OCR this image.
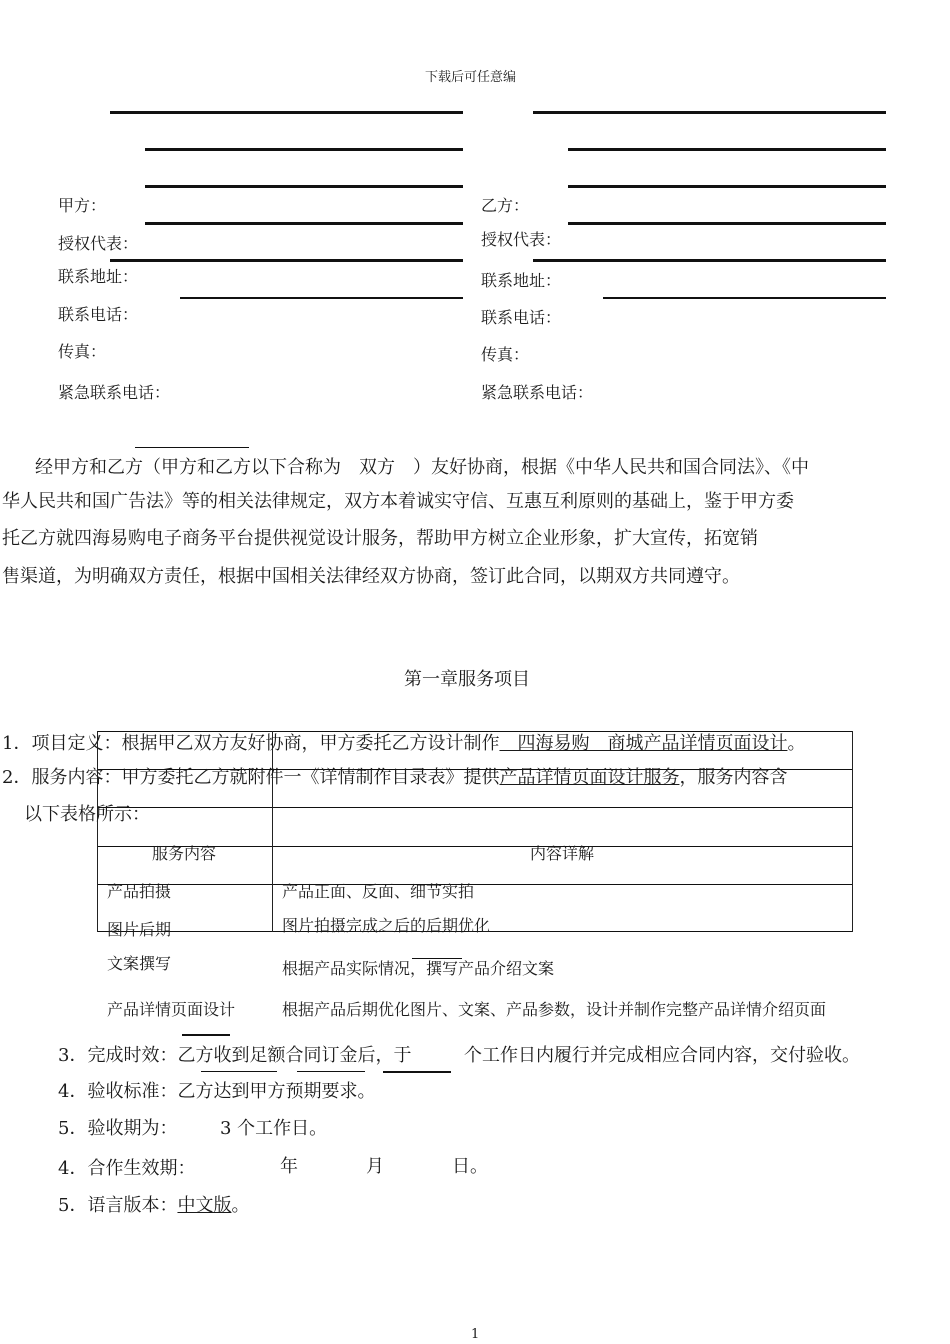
下载后可任意编
甲方：
授权代表：
联系地址：
联系电话：
传真：
紧急联系电话：
乙方：
授权代表：
联系地址：
联系电话：
传真：
紧急联系电话：
经甲方和乙方（甲方和乙方以下合称为　双方　）友好协商，根据《中华人民共和国合同法》、《中
华人民共和国广告法》等的相关法律规定，双方本着诚实守信、互惠互利原则的基础上，鉴于甲方委
托乙方就四海易购电子商务平台提供视觉设计服务，帮助甲方树立企业形象，扩大宣传，拓宽销
售渠道，为明确双方责任，根据中国相关法律经双方协商，签订此合同，以期双方共同遵守。
第一章服务项目
1．项目定义：根据甲乙双方友好协商，甲方委托乙方设计制作　四海易购　商城产品详情页面设计。
2．服务内容：甲方委托乙方就附件一《详情制作目录表》提供产品详情页面设计服务，服务内容含
以下表格所示：
服务内容	内容详解
产品拍摄	产品正面、反面、细节实拍
图片后期	图片拍摄完成之后的后期优化
文案撰写	根据产品实际情况，撰写产品介绍文案
产品详情页面设计	根据产品后期优化图片、文案、产品参数，设计并制作完整产品详情介绍页面
3．完成时效：乙方收到足额合同订金后，于	个工作日内履行并完成相应合同内容，交付验收。
4．验收标准：乙方达到甲方预期要求。
5．验收期为： 3 个工作日。
4．合作生效期：	年	月	日。
5．语言版本：中文版。
1
